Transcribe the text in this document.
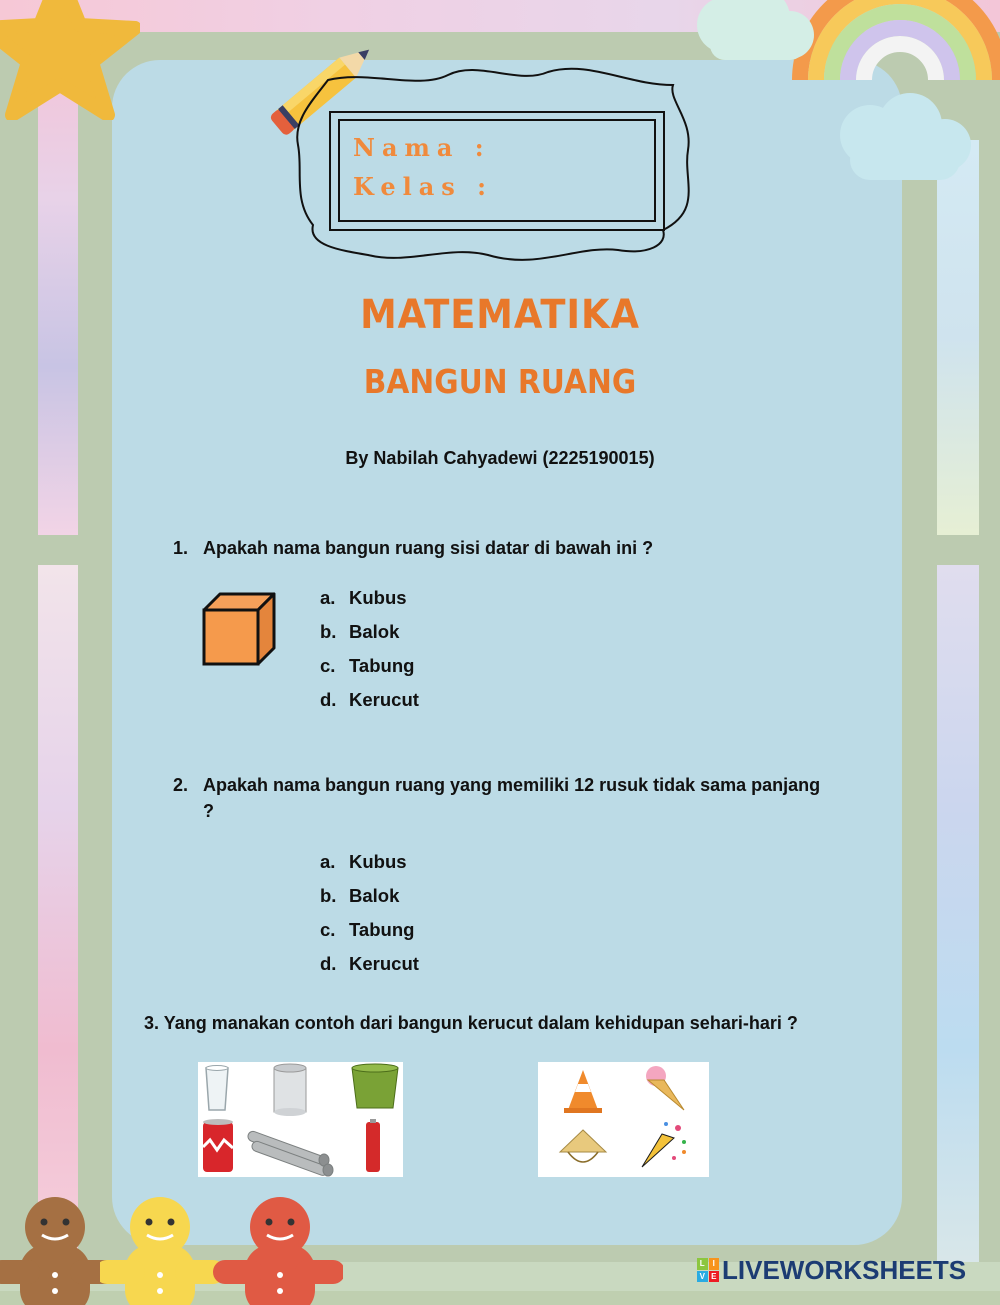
Nama :
Kelas :
MATEMATIKA
BANGUN RUANG
By Nabilah Cahyadewi (2225190015)
1. Apakah nama bangun ruang sisi datar di bawah ini ?
a. Kubus
b. Balok
c. Tabung
d. Kerucut
2. Apakah nama bangun ruang yang memiliki 12 rusuk tidak sama panjang ?
a. Kubus
b. Balok
c. Tabung
d. Kerucut
3. Yang manakan contoh dari bangun kerucut dalam kehidupan sehari-hari ?
L I
V E LIVEWORKSHEETS
